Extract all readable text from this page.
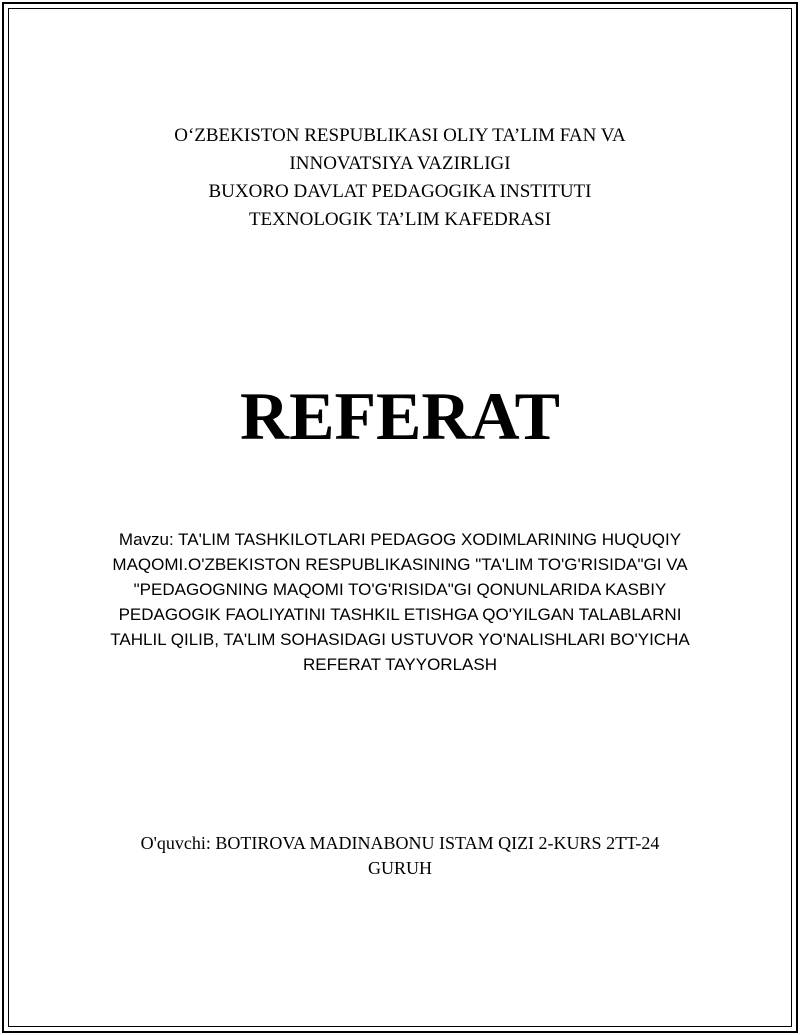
O‘ZBEKISTON RESPUBLIKASI OLIY TA’LIM FAN VA
INNOVATSIYA VAZIRLIGI
BUXORO DAVLAT PEDAGOGIKA INSTITUTI
TEXNOLOGIK TA’LIM KAFEDRASI
REFERAT
Mavzu: TA'LIM TASHKILOTLARI PEDAGOG XODIMLARINING HUQUQIY MAQOMI.O'ZBEKISTON RESPUBLIKASINING "TA'LIM TO'G'RISIDA"GI VA "PEDAGOGNING MAQOMI TO'G'RISIDA"GI QONUNLARIDA KASBIY PEDAGOGIK FAOLIYATINI TASHKIL ETISHGA QO'YILGAN TALABLARNI TAHLIL QILIB, TA'LIM SOHASIDAGI USTUVOR YO'NALISHLARI BO'YICHA REFERAT TAYYORLASH
O'quvchi: BOTIROVA MADINABONU ISTAM QIZI 2-KURS 2TT-24 GURUH
